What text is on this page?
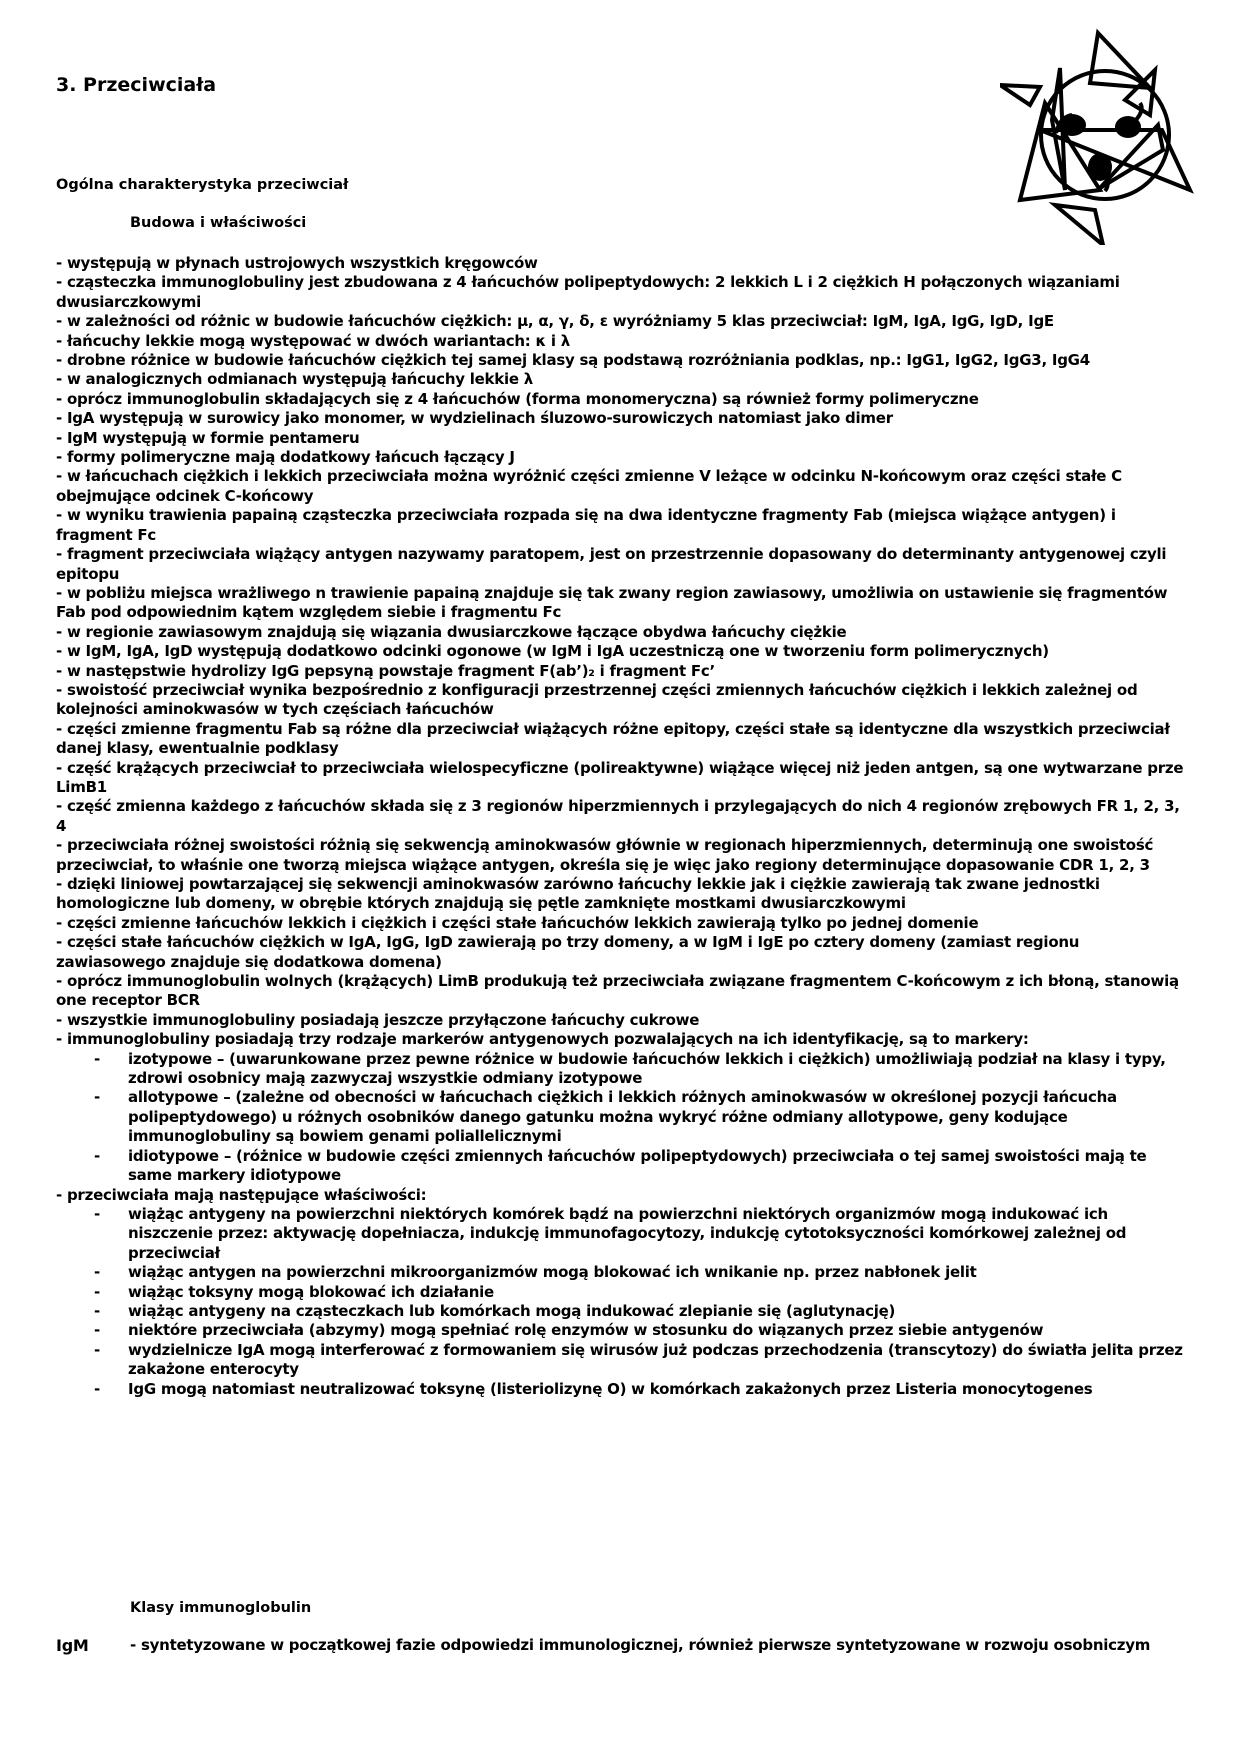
3. Przeciwciała
Ogólna charakterystyka przeciwciał
Budowa i właściwości

- występują w płynach ustrojowych wszystkich kręgowców

- cząsteczka immunoglobuliny jest zbudowana z 4 łańcuchów polipeptydowych: 2 lekkich L i 2 ciężkich H połączonych wiązaniami dwusiarczkowymi

- w zależności od różnic w budowie łańcuchów ciężkich: μ, α, γ, δ, ε wyróżniamy 5 klas przeciwciał: IgM, IgA, IgG, IgD, IgE

- łańcuchy lekkie mogą występować w dwóch wariantach: κ i λ

- drobne różnice w budowie łańcuchów ciężkich tej samej klasy są podstawą rozróżniania podklas, np.: IgG1, IgG2, IgG3, IgG4

- w analogicznych odmianach występują łańcuchy lekkie λ

- oprócz immunoglobulin składających się z 4 łańcuchów (forma monomeryczna) są również formy polimeryczne

- IgA występują w surowicy jako monomer, w wydzielinach śluzowo-surowiczych natomiast jako dimer

- IgM występują w formie pentameru

- formy polimeryczne mają dodatkowy łańcuch łączący J

- w łańcuchach ciężkich i lekkich przeciwciała można wyróżnić części zmienne V leżące w odcinku N-końcowym oraz części stałe C obejmujące odcinek C-końcowy

- w wyniku trawienia papainą cząsteczka przeciwciała rozpada się na dwa identyczne fragmenty Fab (miejsca wiążące antygen) i fragment Fc

- fragment przeciwciała wiążący antygen nazywamy paratopem, jest on przestrzennie dopasowany do determinanty antygenowej czyli epitopu

- w pobliżu miejsca wrażliwego n trawienie papainą znajduje się tak zwany region zawiasowy, umożliwia on ustawienie się fragmentów Fab pod odpowiednim kątem względem siebie i fragmentu Fc

- w regionie zawiasowym znajdują się wiązania dwusiarczkowe łączące obydwa łańcuchy ciężkie

- w IgM, IgA, IgD występują dodatkowo odcinki ogonowe (w IgM i IgA uczestniczą one w tworzeniu form polimerycznych)

- w następstwie hydrolizy IgG pepsyną powstaje fragment F(ab’)₂ i fragment Fc’

- swoistość przeciwciał wynika bezpośrednio z konfiguracji przestrzennej części zmiennych łańcuchów ciężkich i lekkich zależnej od kolejności aminokwasów w tych częściach łańcuchów

- części zmienne fragmentu Fab są różne dla przeciwciał wiążących różne epitopy, części stałe są identyczne dla wszystkich przeciwciał danej klasy, ewentualnie podklasy

- część krążących przeciwciał to przeciwciała wielospecyficzne (polireaktywne) wiążące więcej niż jeden antgen, są one wytwarzane prze LimB1

- część zmienna każdego z łańcuchów składa się z 3 regionów hiperzmiennych i przylegających do nich 4 regionów zrębowych FR 1, 2, 3, 4

- przeciwciała różnej swoistości różnią się sekwencją aminokwasów głównie w regionach hiperzmiennych, determinują one swoistość przeciwciał, to właśnie one tworzą miejsca wiążące antygen, określa się je więc jako regiony determinujące dopasowanie CDR 1, 2, 3

- dzięki liniowej powtarzającej się sekwencji aminokwasów zarówno łańcuchy lekkie jak i ciężkie zawierają tak zwane jednostki homologiczne lub domeny, w obrębie których znajdują się pętle zamknięte mostkami dwusiarczkowymi

- części zmienne łańcuchów lekkich i ciężkich i części stałe łańcuchów lekkich zawierają tylko po jednej domenie

- części stałe łańcuchów ciężkich w IgA, IgG, IgD zawierają po trzy domeny, a w IgM i IgE po cztery domeny (zamiast regionu zawiasowego znajduje się dodatkowa domena)

- oprócz immunoglobulin wolnych (krążących) LimB produkują też przeciwciała związane fragmentem C-końcowym z ich błoną, stanowią one receptor BCR

- wszystkie immunoglobuliny posiadają jeszcze przyłączone łańcuchy cukrowe

- immunoglobuliny posiadają trzy rodzaje markerów antygenowych pozwalających na ich identyfikację, są to markery:

-	izotypowe – (uwarunkowane przez pewne różnice w budowie łańcuchów lekkich i ciężkich) umożliwiają podział na klasy i typy, zdrowi osobnicy mają zazwyczaj wszystkie odmiany izotypowe
-	allotypowe – (zależne od obecności w łańcuchach ciężkich i lekkich różnych aminokwasów w określonej pozycji łańcucha polipeptydowego) u różnych osobników danego gatunku można wykryć różne odmiany allotypowe, geny kodujące immunoglobuliny są bowiem genami poliallelicznymi
-	idiotypowe – (różnice w budowie części zmiennych łańcuchów polipeptydowych) przeciwciała o tej samej swoistości mają te same markery idiotypowe

- przeciwciała mają następujące właściwości:

-	wiążąc antygeny na powierzchni niektórych komórek bądź na powierzchni niektórych organizmów mogą indukować ich niszczenie przez: aktywację dopełniacza, indukcję immunofagocytozy, indukcję cytotoksyczności komórkowej zależnej od przeciwciał
-	wiążąc antygen na powierzchni mikroorganizmów mogą blokować ich wnikanie np. przez nabłonek jelit
-	wiążąc toksyny mogą blokować ich działanie
-	wiążąc antygeny na cząsteczkach lub komórkach mogą indukować zlepianie się (aglutynację)
-	niektóre przeciwciała (abzymy) mogą spełniać rolę enzymów w stosunku do wiązanych przez siebie antygenów
-	wydzielnicze IgA mogą interferować z formowaniem się wirusów już podczas przechodzenia (transcytozy) do światła jelita przez zakażone enterocyty
-	IgG mogą natomiast neutralizować toksynę (listeriolizynę O) w komórkach zakażonych przez Listeria monocytogenes
Klasy immunoglobulin
IgM	- syntetyzowane w początkowej fazie odpowiedzi immunologicznej, również pierwsze syntetyzowane w rozwoju osobniczym
